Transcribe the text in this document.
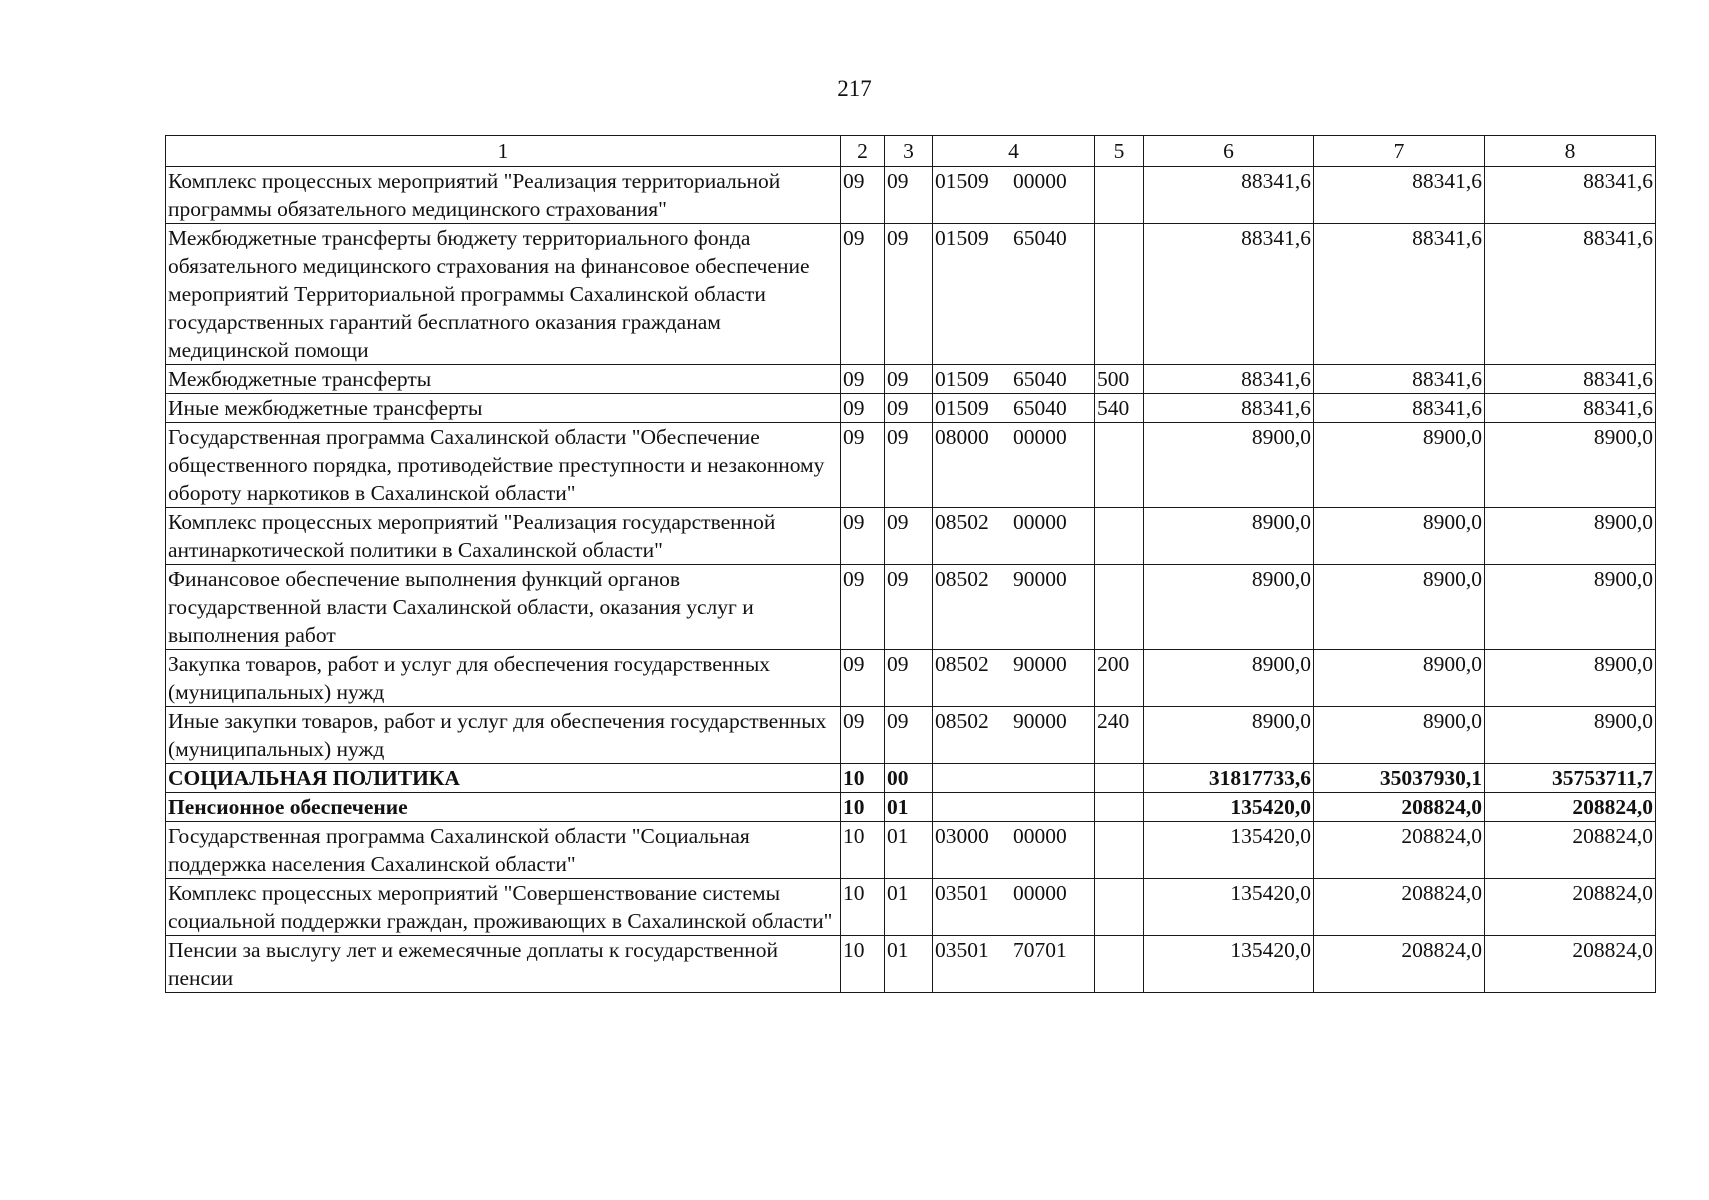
217
1	2	3	4	5	6	7	8
Комплекс процессных мероприятий "Реализация территориальной программы обязательного медицинского страхования"	09	09	01509 00000		88341,6	88341,6	88341,6
Межбюджетные трансферты бюджету территориального фонда обязательного медицинского страхования на финансовое обеспечение мероприятий Территориальной программы Сахалинской области государственных гарантий бесплатного оказания гражданам медицинской помощи	09	09	01509 65040		88341,6	88341,6	88341,6
Межбюджетные трансферты	09	09	01509 65040	500	88341,6	88341,6	88341,6
Иные межбюджетные трансферты	09	09	01509 65040	540	88341,6	88341,6	88341,6
Государственная программа Сахалинской области "Обеспечение общественного порядка, противодействие преступности и незаконному обороту наркотиков в Сахалинской области"	09	09	08000 00000		8900,0	8900,0	8900,0
Комплекс процессных мероприятий "Реализация государственной антинаркотической политики в Сахалинской области"	09	09	08502 00000		8900,0	8900,0	8900,0
Финансовое обеспечение выполнения функций органов государственной власти Сахалинской области, оказания услуг и выполнения работ	09	09	08502 90000		8900,0	8900,0	8900,0
Закупка товаров, работ и услуг для обеспечения государственных (муниципальных) нужд	09	09	08502 90000	200	8900,0	8900,0	8900,0
Иные закупки товаров, работ и услуг для обеспечения государственных (муниципальных) нужд	09	09	08502 90000	240	8900,0	8900,0	8900,0
СОЦИАЛЬНАЯ ПОЛИТИКА	10	00			31817733,6	35037930,1	35753711,7
Пенсионное обеспечение	10	01			135420,0	208824,0	208824,0
Государственная программа Сахалинской области "Социальная поддержка населения Сахалинской области"	10	01	03000 00000		135420,0	208824,0	208824,0
Комплекс процессных мероприятий "Совершенствование системы социальной поддержки граждан, проживающих в Сахалинской области"	10	01	03501 00000		135420,0	208824,0	208824,0
Пенсии за выслугу лет и ежемесячные доплаты к государственной пенсии	10	01	03501 70701		135420,0	208824,0	208824,0
